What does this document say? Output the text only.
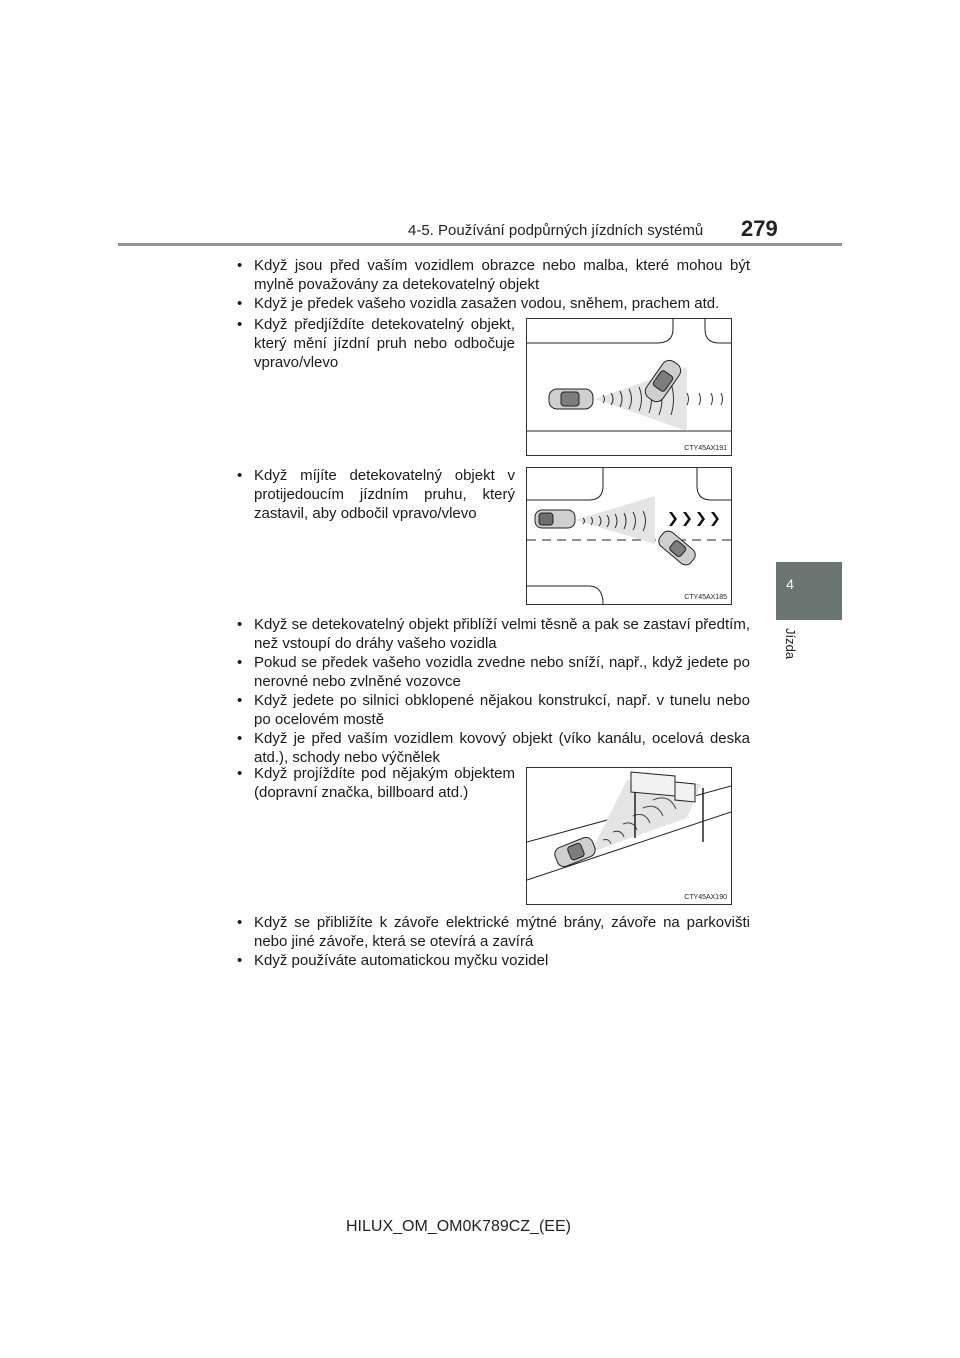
4-5. Používání podpůrných jízdních systémů 279
4
Jízda
• Když jsou před vaším vozidlem obrazce nebo malba, které mohou být mylně považovány za detekovatelný objekt
• Když je předek vašeho vozidla zasažen vodou, sněhem, prachem atd.
• Když předjíždíte detekovatelný objekt, který mění jízdní pruh nebo odbočuje vpravo/vlevo
• Když míjíte detekovatelný objekt v protijedoucím jízdním pruhu, který zastavil, aby odbočil vpravo/vlevo
• Když se detekovatelný objekt přiblíží velmi těsně a pak se zastaví předtím, než vstoupí do dráhy vašeho vozidla
• Pokud se předek vašeho vozidla zvedne nebo sníží, např., když jedete po nerovné nebo zvlněné vozovce
• Když jedete po silnici obklopené nějakou konstrukcí, např. v tunelu nebo po ocelovém mostě
• Když je před vaším vozidlem kovový objekt (víko kanálu, ocelová deska atd.), schody nebo výčnělek
• Když projíždíte pod nějakým objektem (dopravní značka, billboard atd.)
• Když se přibližíte k závoře elektrické mýtné brány, závoře na parkovišti nebo jiné závoře, která se otevírá a zavírá
• Když používáte automatickou myčku vozidel
CTY45AX191
CTY45AX185
CTY45AX190
HILUX_OM_OM0K789CZ_(EE)
